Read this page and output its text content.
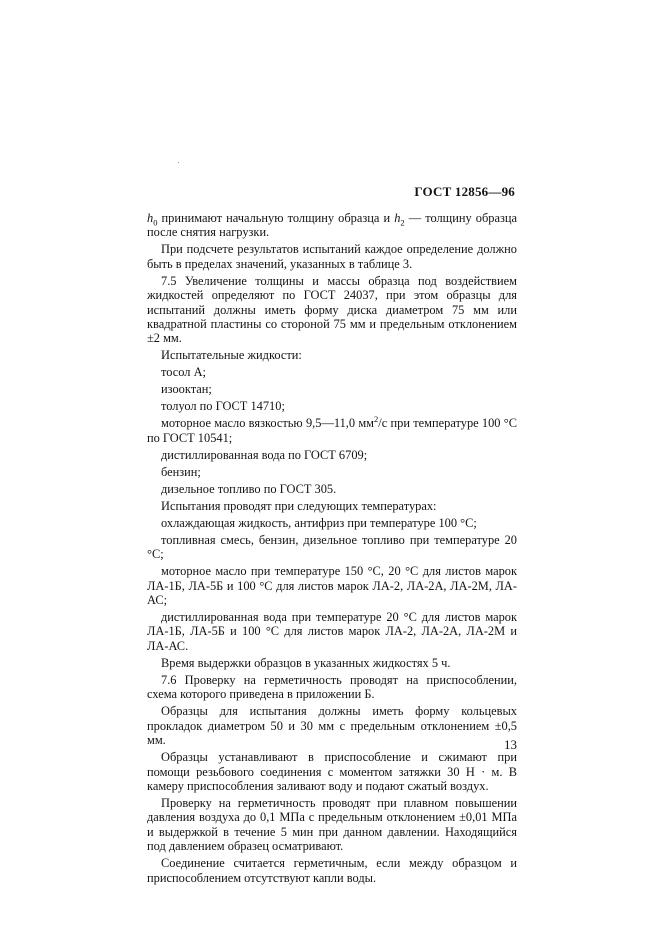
ГОСТ 12856—96

$h_0$ принимают начальную толщину образца и $h_2$ — толщину образца после снятия нагрузки.

При подсчете результатов испытаний каждое определение должно быть в пределах значений, указанных в таблице 3.

7.5 Увеличение толщины и массы образца под воздействием жидкостей определяют по ГОСТ 24037, при этом образцы для испытаний должны иметь форму диска диаметром 75 мм или квадратной пластины со стороной 75 мм и предельным отклонением ±2 мм.

Испытательные жидкости:

тосол А;

изооктан;

толуол по ГОСТ 14710;

моторное масло вязкостью 9,5—11,0 $мм^2/с$ при температуре 100 °С по ГОСТ 10541;

дистиллированная вода по ГОСТ 6709;

бензин;

дизельное топливо по ГОСТ 305.

Испытания проводят при следующих температурах:

охлаждающая жидкость, антифриз при температуре 100 °С;

топливная смесь, бензин, дизельное топливо при температуре 20 °С;

моторное масло при температуре 150 °С, 20 °С для листов марок ЛА-1Б, ЛА-5Б и 100 °С для листов марок ЛА-2, ЛА-2А, ЛА-2М, ЛА-АС;

дистиллированная вода при температуре 20 °С для листов марок ЛА-1Б, ЛА-5Б и 100 °С для листов марок ЛА-2, ЛА-2А, ЛА-2М и ЛА-АС.

Время выдержки образцов в указанных жидкостях 5 ч.

7.6 Проверку на герметичность проводят на приспособлении, схема которого приведена в приложении Б.

Образцы для испытания должны иметь форму кольцевых прокладок диаметром 50 и 30 мм с предельным отклонением ±0,5 мм.

Образцы устанавливают в приспособление и сжимают при помощи резьбового соединения с моментом затяжки 30 Н · м. В камеру приспособления заливают воду и подают сжатый воздух.

Проверку на герметичность проводят при плавном повышении давления воздуха до 0,1 МПа с предельным отклонением ±0,01 МПа и выдержкой в течение 5 мин при данном давлении. Находящийся под давлением образец осматривают.

Соединение считается герметичным, если между образцом и приспособлением отсутствуют капли воды.

13
